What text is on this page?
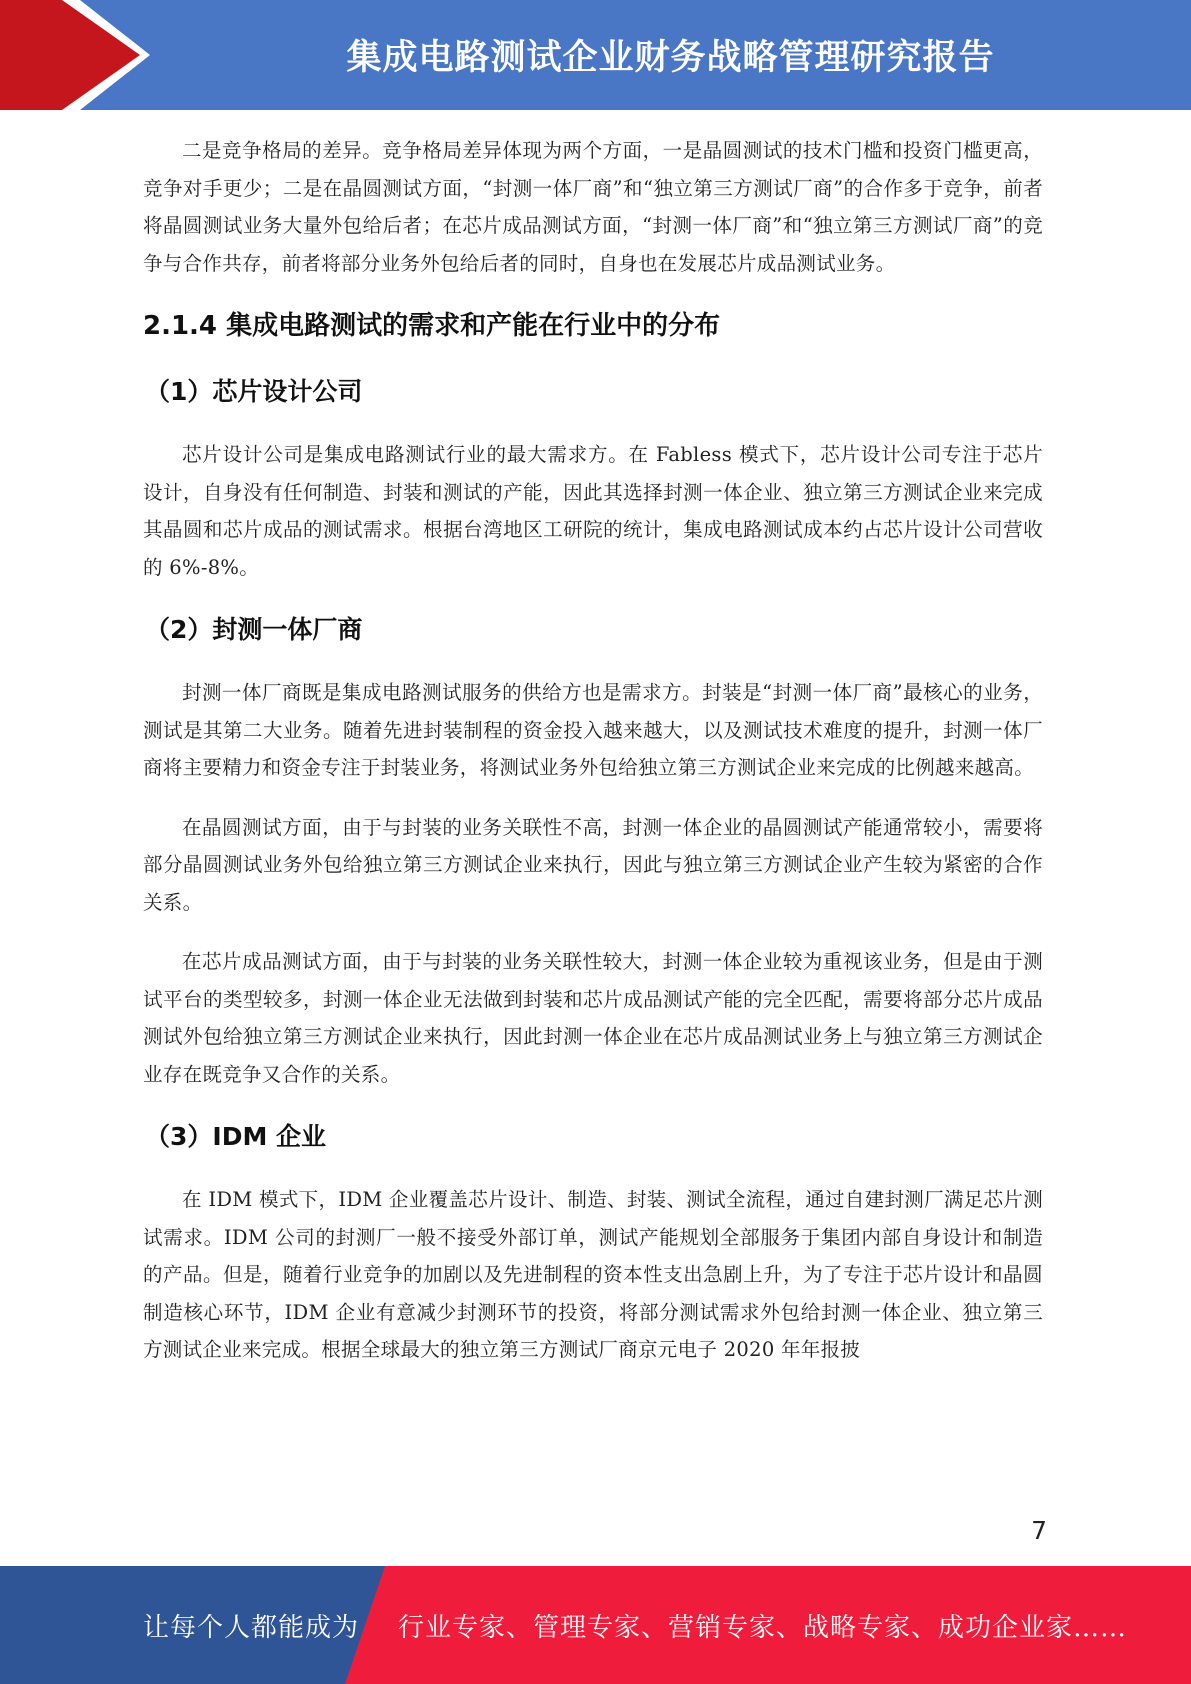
集成电路测试企业财务战略管理研究报告

二是竞争格局的差异。竞争格局差异体现为两个方面，一是晶圆测试的技术门槛和投资门槛更高，竞争对手更少；二是在晶圆测试方面，“封测一体厂商”和“独立第三方测试厂商”的合作多于竞争，前者将晶圆测试业务大量外包给后者；在芯片成品测试方面，“封测一体厂商”和“独立第三方测试厂商”的竞争与合作共存，前者将部分业务外包给后者的同时，自身也在发展芯片成品测试业务。

2.1.4 集成电路测试的需求和产能在行业中的分布
（1）芯片设计公司

芯片设计公司是集成电路测试行业的最大需求方。在 Fabless 模式下，芯片设计公司专注于芯片设计，自身没有任何制造、封装和测试的产能，因此其选择封测一体企业、独立第三方测试企业来完成其晶圆和芯片成品的测试需求。根据台湾地区工研院的统计，集成电路测试成本约占芯片设计公司营收的 6%-8%。

（2）封测一体厂商

封测一体厂商既是集成电路测试服务的供给方也是需求方。封装是“封测一体厂商”最核心的业务，测试是其第二大业务。随着先进封装制程的资金投入越来越大，以及测试技术难度的提升，封测一体厂商将主要精力和资金专注于封装业务，将测试业务外包给独立第三方测试企业来完成的比例越来越高。

在晶圆测试方面，由于与封装的业务关联性不高，封测一体企业的晶圆测试产能通常较小，需要将部分晶圆测试业务外包给独立第三方测试企业来执行，因此与独立第三方测试企业产生较为紧密的合作关系。

在芯片成品测试方面，由于与封装的业务关联性较大，封测一体企业较为重视该业务，但是由于测试平台的类型较多，封测一体企业无法做到封装和芯片成品测试产能的完全匹配，需要将部分芯片成品测试外包给独立第三方测试企业来执行，因此封测一体企业在芯片成品测试业务上与独立第三方测试企业存在既竞争又合作的关系。

（3）IDM 企业

在 IDM 模式下，IDM 企业覆盖芯片设计、制造、封装、测试全流程，通过自建封测厂满足芯片测试需求。IDM 公司的封测厂一般不接受外部订单，测试产能规划全部服务于集团内部自身设计和制造的产品。但是，随着行业竞争的加剧以及先进制程的资本性支出急剧上升，为了专注于芯片设计和晶圆制造核心环节，IDM 企业有意减少封测环节的投资，将部分测试需求外包给封测一体企业、独立第三方测试企业来完成。根据全球最大的独立第三方测试厂商京元电子 2020 年年报披

7
让每个人都能成为 行业专家、管理专家、营销专家、战略专家、成功企业家……
